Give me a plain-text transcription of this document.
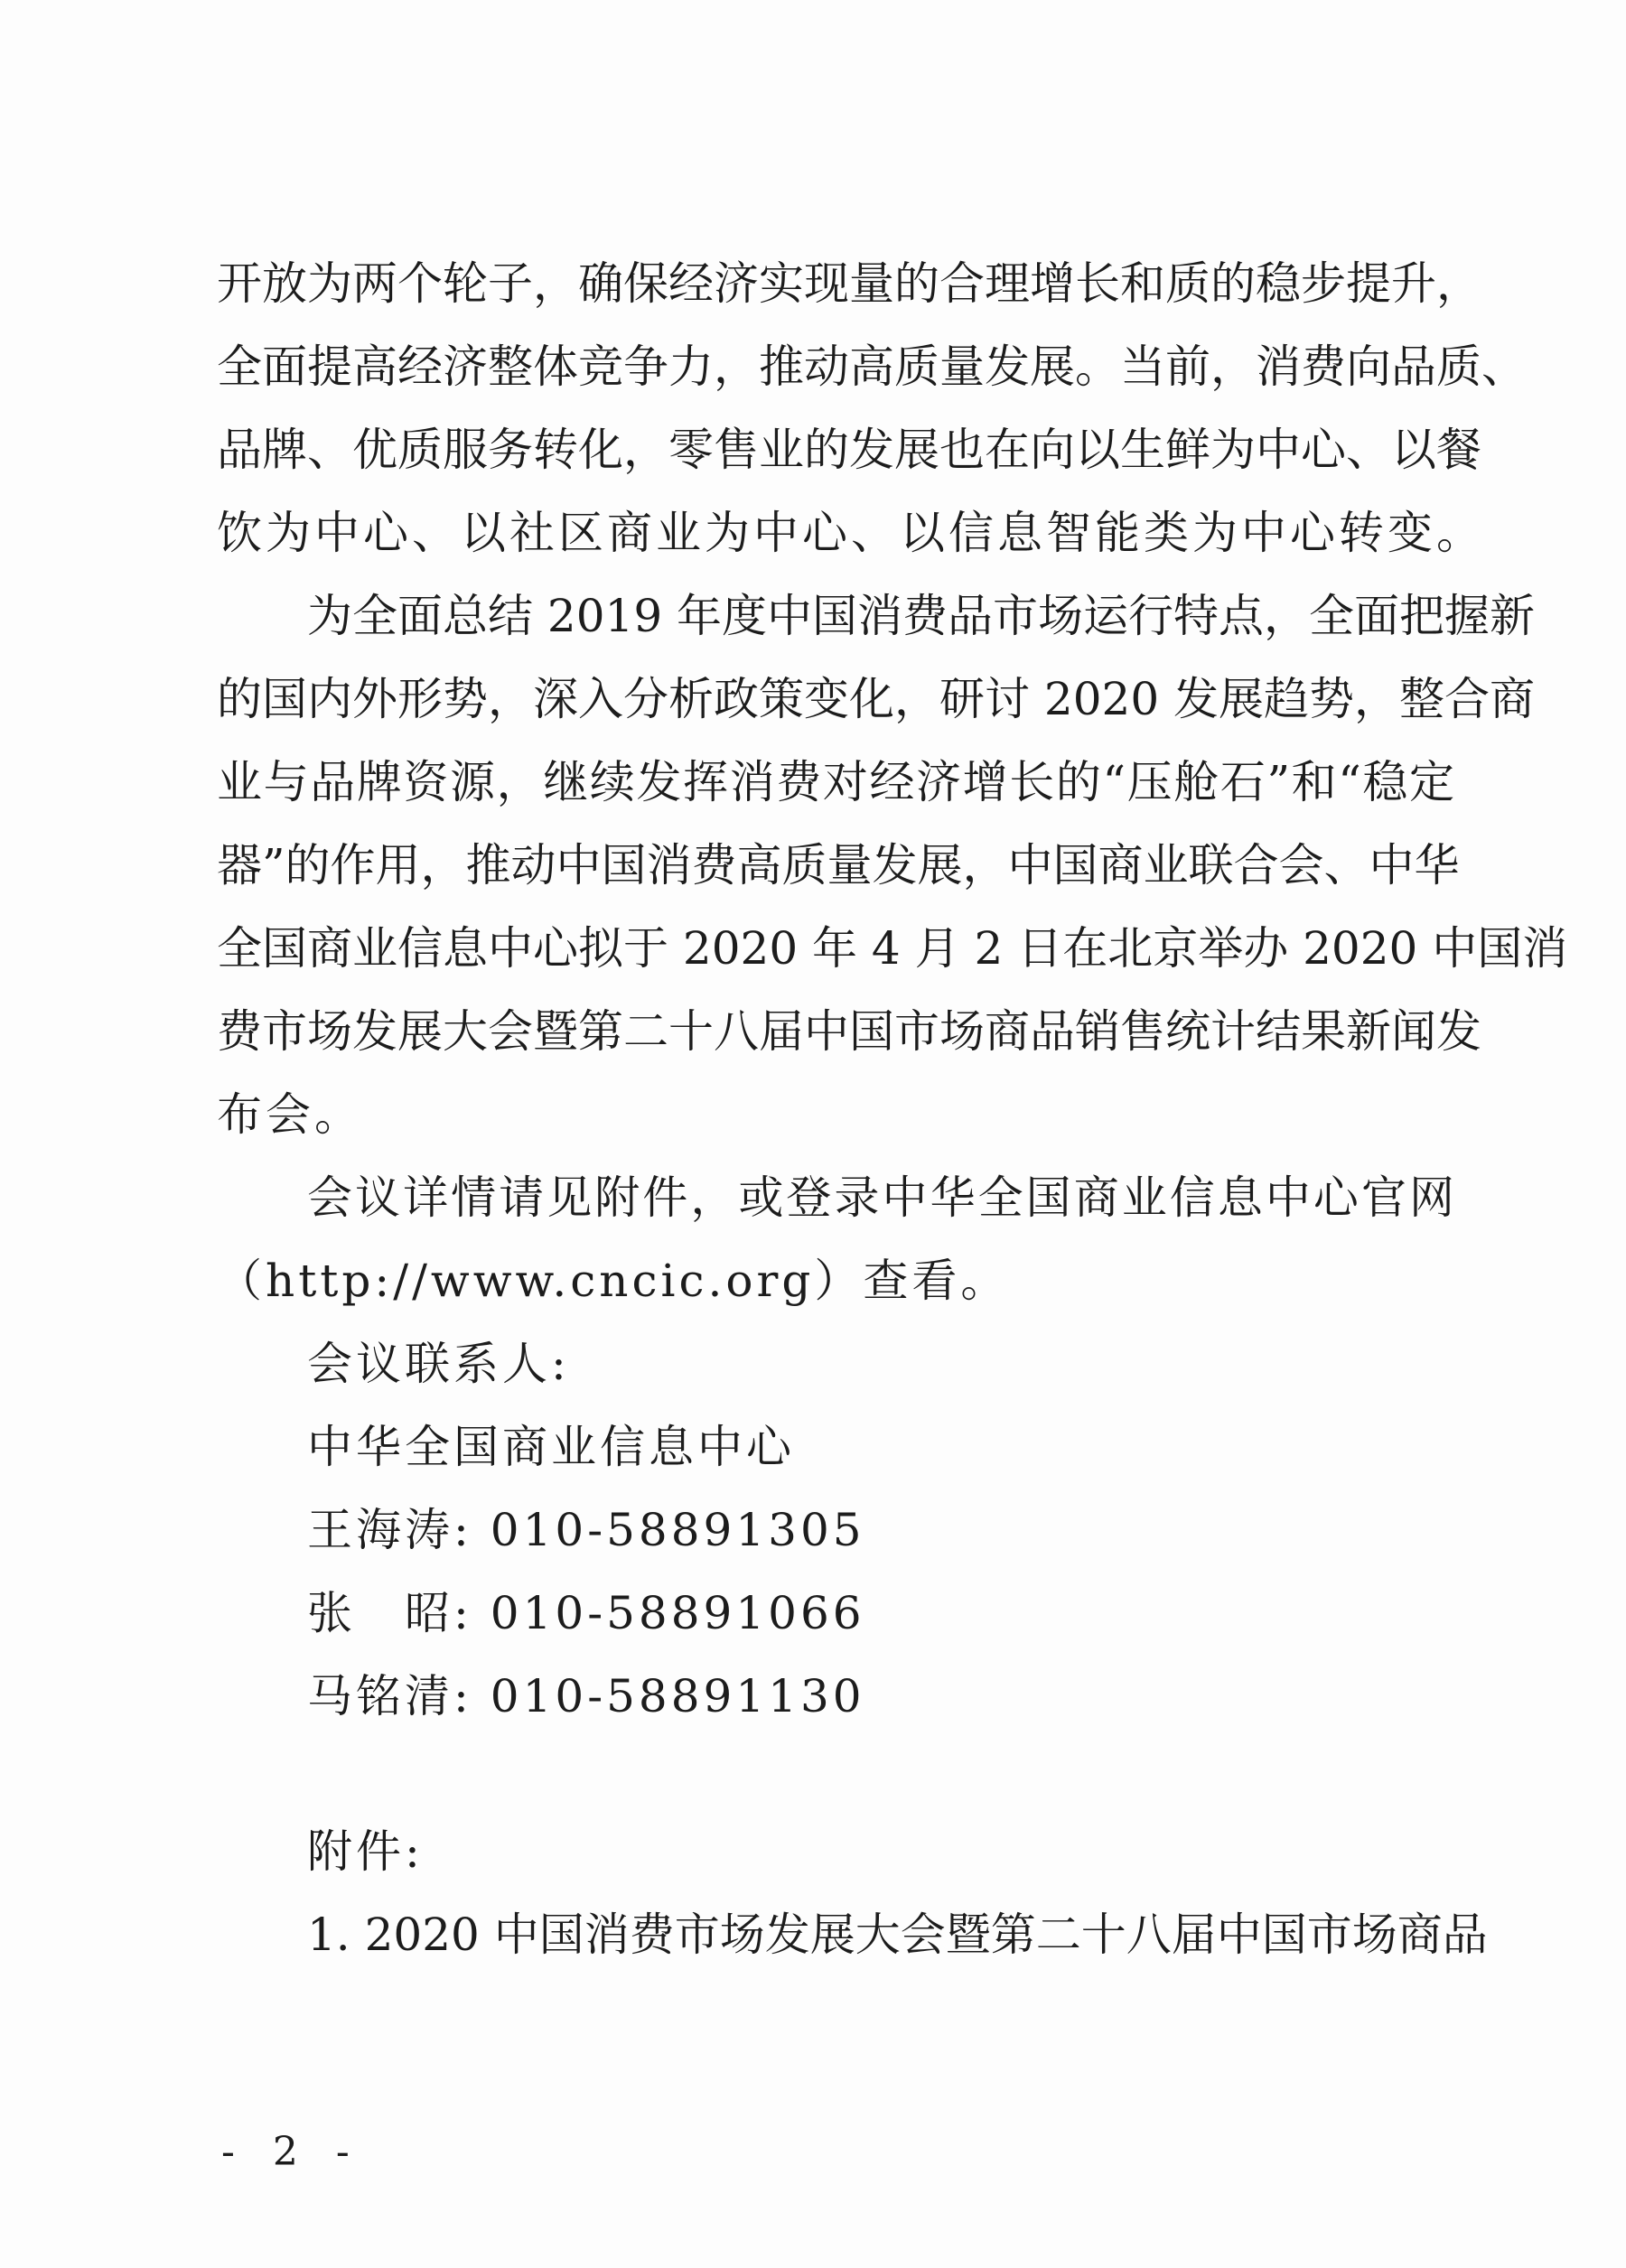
开放为两个轮子，确保经济实现量的合理增长和质的稳步提升，
全面提高经济整体竞争力，推动高质量发展。当前，消费向品质、
品牌、优质服务转化，零售业的发展也在向以生鲜为中心、以餐
饮为中心、以社区商业为中心、以信息智能类为中心转变。
为全面总结 2019 年度中国消费品市场运行特点，全面把握新
的国内外形势，深入分析政策变化，研讨 2020 发展趋势，整合商
业与品牌资源，继续发挥消费对经济增长的“压舱石”和“稳定
器”的作用，推动中国消费高质量发展，中国商业联合会、中华
全国商业信息中心拟于 2020 年 4 月 2 日在北京举办 2020 中国消
费市场发展大会暨第二十八届中国市场商品销售统计结果新闻发
布会。
会议详情请见附件，或登录中华全国商业信息中心官网
（http://www.cncic.org）查看。
会议联系人:
中华全国商业信息中心
王海涛: 010-58891305
张　昭: 010-58891066
马铭清: 010-58891130
附件:
1. 2020 中国消费市场发展大会暨第二十八届中国市场商品
- 2 -
